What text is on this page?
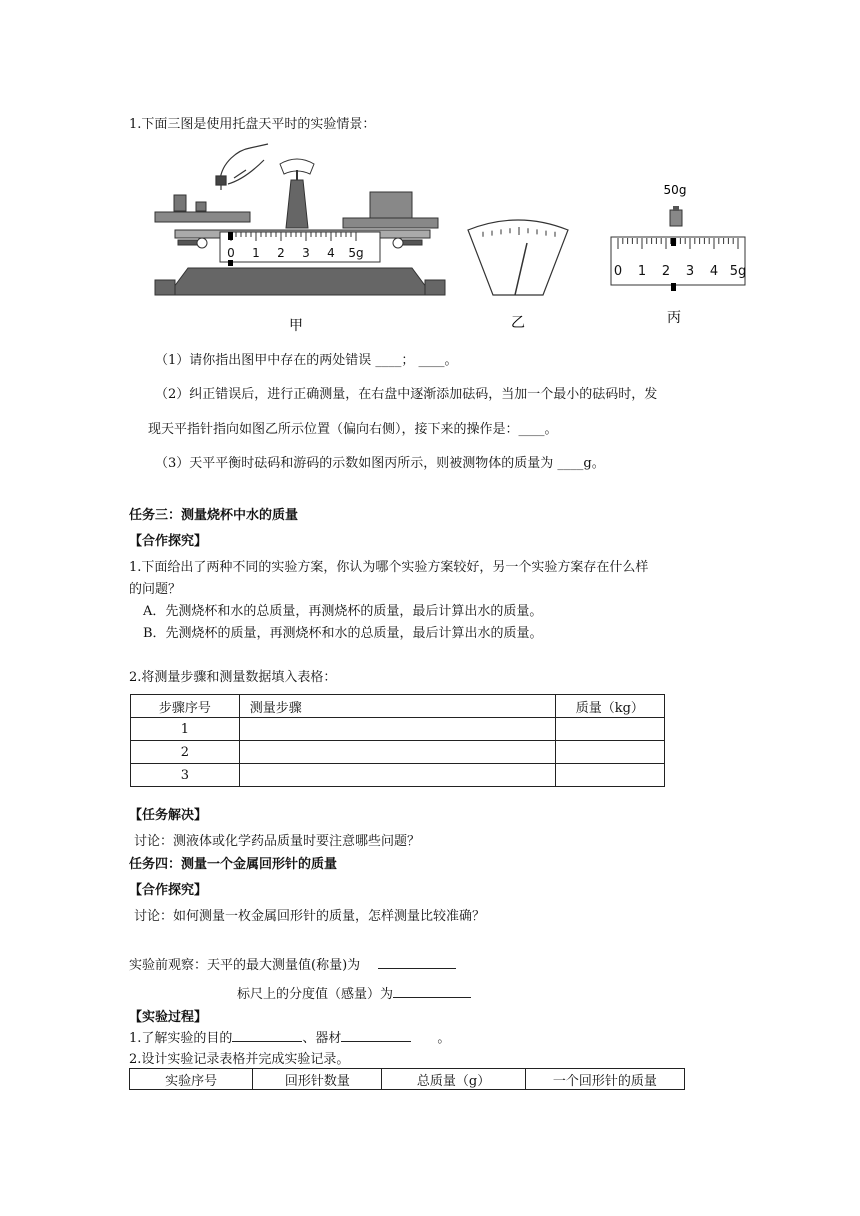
1.下面三图是使用托盘天平时的实验情景：
0 1 2 3 4 5g
甲	乙
50g
0 1 2 3 4 5g
丙
（1）请你指出图甲中存在的两处错误 ____； ____。
（2）纠正错误后，进行正确测量，在右盘中逐渐添加砝码，当加一个最小的砝码时，发
现天平指针指向如图乙所示位置（偏向右侧），接下来的操作是：____。
（3）天平平衡时砝码和游码的示数如图丙所示，则被测物体的质量为 ____g。
任务三：测量烧杯中水的质量
【合作探究】
1.下面给出了两种不同的实验方案，你认为哪个实验方案较好，另一个实验方案存在什么样
的问题？
A．先测烧杯和水的总质量，再测烧杯的质量，最后计算出水的质量。
B．先测烧杯的质量，再测烧杯和水的总质量，最后计算出水的质量。
2.将测量步骤和测量数据填入表格：
步骤序号	测量步骤	质量（kg）
1		
2		
3		
【任务解决】
讨论：测液体或化学药品质量时要注意哪些问题？
任务四：测量一个金属回形针的质量
【合作探究】
讨论：如何测量一枚金属回形针的质量，怎样测量比较准确？
实验前观察：天平的最大测量值(称量)为
标尺上的分度值（感量）为
【实验过程】
1.了解实验的目的	、器材	。
2.设计实验记录表格并完成实验记录。
实验序号	回形针数量	总质量（g）	一个回形针的质量
